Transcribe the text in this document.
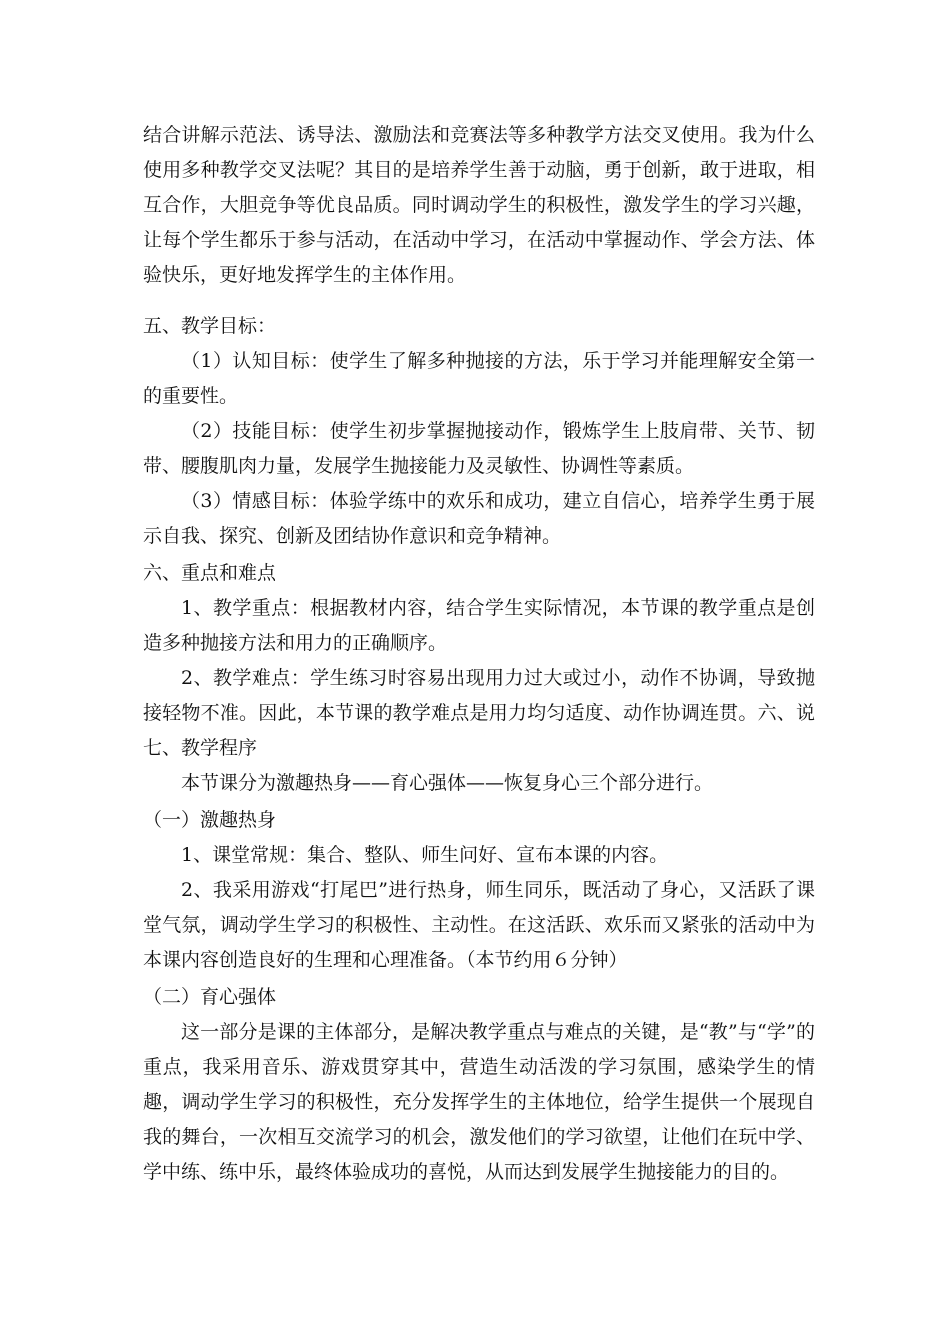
结合讲解示范法、诱导法、激励法和竞赛法等多种教学方法交叉使用。我为什么使用多种教学交叉法呢？其目的是培养学生善于动脑，勇于创新，敢于进取，相互合作，大胆竞争等优良品质。同时调动学生的积极性，激发学生的学习兴趣，让每个学生都乐于参与活动，在活动中学习，在活动中掌握动作、学会方法、体验快乐，更好地发挥学生的主体作用。

五、教学目标：

（1）认知目标：使学生了解多种抛接的方法，乐于学习并能理解安全第一的重要性。

（2）技能目标：使学生初步掌握抛接动作，锻炼学生上肢肩带、关节、韧带、腰腹肌肉力量，发展学生抛接能力及灵敏性、协调性等素质。

（3）情感目标：体验学练中的欢乐和成功，建立自信心，培养学生勇于展示自我、探究、创新及团结协作意识和竞争精神。

六、重点和难点

1、教学重点：根据教材内容，结合学生实际情况，本节课的教学重点是创造多种抛接方法和用力的正确顺序。

2、教学难点：学生练习时容易出现用力过大或过小，动作不协调，导致抛接轻物不准。因此，本节课的教学难点是用力均匀适度、动作协调连贯。六、说七、教学程序

本节课分为激趣热身——育心强体——恢复身心三个部分进行。

（一）激趣热身

1、课堂常规：集合、整队、师生问好、宣布本课的内容。

2、我采用游戏“打尾巴”进行热身，师生同乐，既活动了身心，又活跃了课堂气氛，调动学生学习的积极性、主动性。在这活跃、欢乐而又紧张的活动中为本课内容创造良好的生理和心理准备。（本节约用６分钟）

（二）育心强体

这一部分是课的主体部分，是解决教学重点与难点的关键，是“教”与“学”的重点，我采用音乐、游戏贯穿其中，营造生动活泼的学习氛围，感染学生的情趣，调动学生学习的积极性，充分发挥学生的主体地位，给学生提供一个展现自我的舞台，一次相互交流学习的机会，激发他们的学习欲望，让他们在玩中学、学中练、练中乐，最终体验成功的喜悦，从而达到发展学生抛接能力的目的。
